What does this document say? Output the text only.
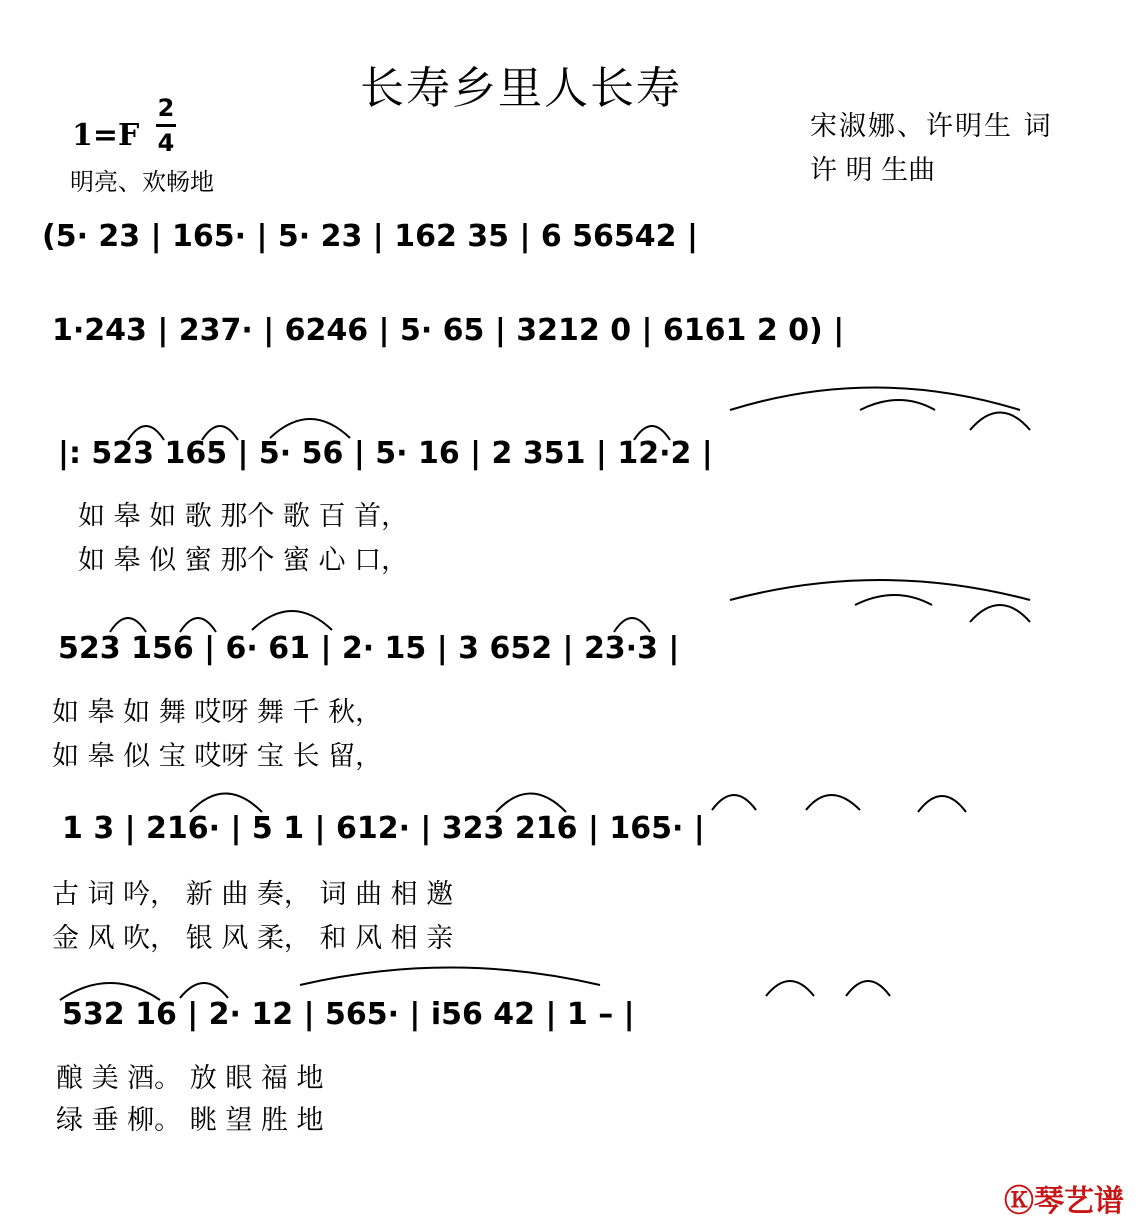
长寿乡里人长寿
1=F
2
4
明亮、欢畅地
宋淑娜、许明生 词
许 明 生曲
(5· 23 | 165· | 5· 23 | 162 35 | 6 56542 |
1·243 | 237· | 6246 | 5· 65 | 3212 0 | 6161 2 0) |
|: 523 165 | 5· 56 | 5· 16 | 2 351 | 12·2 |
523 156 | 6· 61 | 2· 15 | 3 652 | 23·3 |
1 3 | 216· | 5 1 | 612· | 323 216 | 165· |
532 16 | 2· 12 | 565· | i56 42 | 1 – |
如 皋 如 歌 那个 歌 百 首，
如 皋 似 蜜 那个 蜜 心 口，
如 皋 如 舞 哎呀 舞 千 秋，
如 皋 似 宝 哎呀 宝 长 留，
古 词 吟， 新 曲 奏， 词 曲 相 邀
金 风 吹， 银 风 柔， 和 风 相 亲
酿 美 酒。 放 眼 福 地
绿 垂 柳。 眺 望 胜 地
Ⓚ琴艺谱
